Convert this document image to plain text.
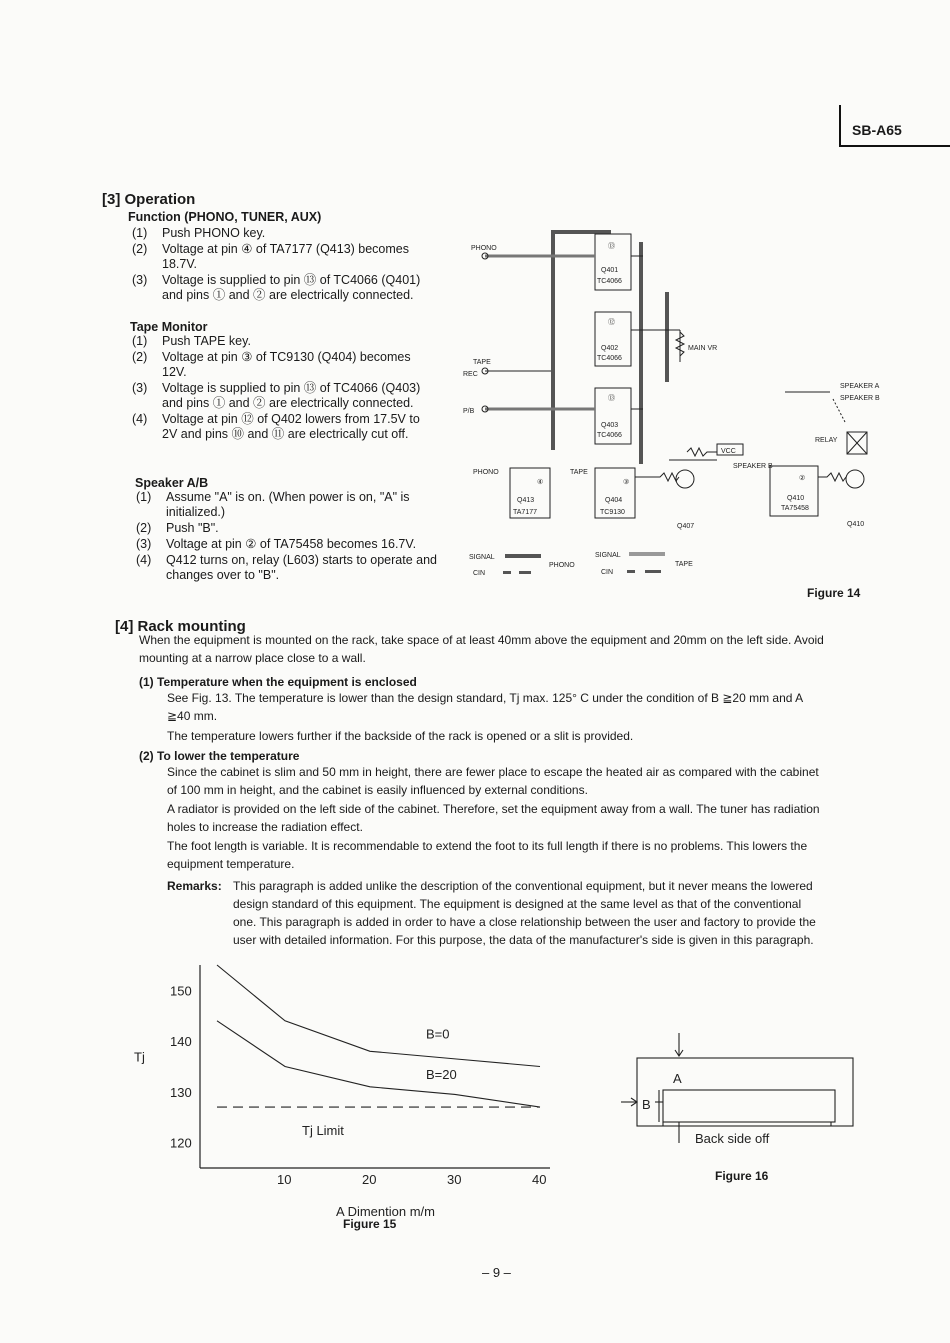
SB-A65
[3] Operation
Function (PHONO, TUNER, AUX)
(1) Push PHONO key.
(2) Voltage at pin ④ of TA7177 (Q413) becomes 18.7V.
(3) Voltage is supplied to pin ⑬ of TC4066 (Q401) and pins ① and ② are electrically connected.
Tape Monitor
(1) Push TAPE key.
(2) Voltage at pin ③ of TC9130 (Q404) becomes 12V.
(3) Voltage is supplied to pin ⑬ of TC4066 (Q403) and pins ① and ② are electrically connected.
(4) Voltage at pin ⑫ of Q402 lowers from 17.5V to 2V and pins ⑩ and ⑪ are electrically cut off.
Speaker A/B
(1) Assume "A" is on. (When power is on, "A" is initialized.)
(2) Push "B".
(3) Voltage at pin ② of TA75458 becomes 16.7V.
(4) Q412 turns on, relay (L603) starts to operate and changes over to "B".
PHONO
TAPE
REC
P/B
⑬
Q401
TC4066
⑫
Q402
TC4066
⑬
Q403
TC4066
MAIN VR
VCC
SPEAKER A
SPEAKER B
RELAY
PHONO	TAPE
④	③
Q413
TA7177
Q404
TC9130
Q407
SPEAKER B
②
Q410
TA75458
Q410
SIGNAL
CIN
PHONO
SIGNAL
CIN
TAPE
Figure 14
[4] Rack mounting
When the equipment is mounted on the rack, take space of at least 40mm above the equipment and 20mm on the left side. Avoid mounting at a narrow place close to a wall.
(1) Temperature when the equipment is enclosed
See Fig. 13. The temperature is lower than the design standard, Tj max. 125° C under the condition of B ≧20 mm and A ≧40 mm.
The temperature lowers further if the backside of the rack is opened or a slit is provided.
(2) To lower the temperature
Since the cabinet is slim and 50 mm in height, there are fewer place to escape the heated air as compared with the cabinet of 100 mm in height, and the cabinet is easily influenced by external conditions.
A radiator is provided on the left side of the cabinet. Therefore, set the equipment away from a wall. The tuner has radiation holes to increase the radiation effect.
The foot length is variable. It is recommendable to extend the foot to its full length if there is no problems. This lowers the equipment temperature.
Remarks: This paragraph is added unlike the description of the conventional equipment, but it never means the lowered design standard of this equipment. The equipment is designed at the same level as that of the conventional one. This paragraph is added in order to have a close relationship between the user and factory to provide the user with detailed information. For this purpose, the data of the manufacturer's side is given in this paragraph.
120
130
140
150
10	20	30	40
Tj
A Dimention m/m
B=0
B=20
Tj Limit
Figure 15
A
B
Back side off
Figure 16
– 9 –
